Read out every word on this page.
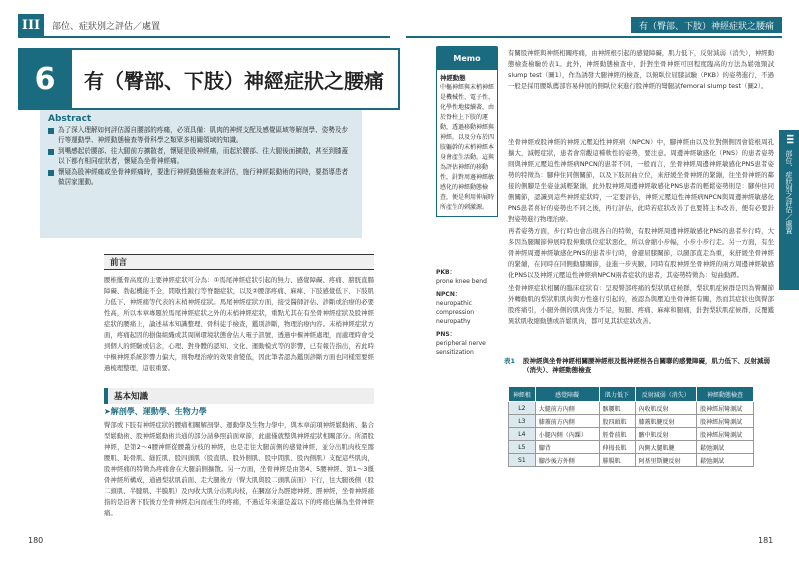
III	部位、症狀別之評估／處置
6	有（臀部、下肢）神經症狀之腰痛
Abstract
為了深入理解如何評估源自腰部的疼痛，必須具備：肌肉的神經支配及感覺區域等解剖學、姿勢及步行等運動學、神經動態檢查等骨科學之類眾多相關領域的知識。
到嘴感起於腰部、往大腿前方擴散者，懷疑是股神經痛，而起於腰部、往大腿後面擴散，甚至到膝蓋以下都有相同症狀者，懷疑為坐骨神經痛。
懷疑為股神經痛或坐骨神經痛時，要進行神經動態檢查來評估，施行神經鬆動術的同時，要指導患者做居家運動。
前言
腰椎骶骨高度的主要神經症狀可分為：①馬尾神經症狀引起的無力、感覺障礙、疼痛、膀胱直腸障礙、勃起機能不全，間歇性跛行等脊髓症狀，以及②腰部疼痛、麻痺、下肢感覺低下、下肢肌力低下、神經痛等代表的末梢神經症狀。馬尾神經症狀方面，接受醫師評估、診斷或治療的必要性高，所以本章專題於馬尾神經症狀之外的末梢神經症狀，重點尤其在有坐骨神經症狀及股神經症狀的腰痛上，論述基本知識整理、骨科徒手檢查，鑑別診斷，物理治療內容。末梢神經症狀方面，疼痛起因的損傷組織或其周圍環境狀態會佔人電子訊號，透過中樞神經處理，而處理時會受到個人的經驗或信念，心理、對身體的認知、文化、運動模式等的影響，已有報告指出，若此時中樞神經系統影響力偏大，則物理治療的效果會變低，因此筆者認為鑑別診斷方面也同樣需要經過梳理整理，這很重要。
基本知識
➤解剖學、運動學、生物力學
臀部或下肢有神經症狀的腰痛相關解剖學、運動學及生物力學中，與本章前項神經鬆動術、黏合型鬆動術、股神經鬆動術共通的部分請參照前面章節，此處僅就整與神經症狀相關部分。所謂股神經，是第2～4腰神經從腰叢分枝的神經，也是走往大腿前側的感覺神經，並分出肌肉枝至髂腰肌、恥骨肌、縫匠肌、股四頭肌（股直肌、股外側肌、股中間肌、股內側肌）支配這些肌肉，股神經痛的特徵為疼痛會在大腿前側擴散。另一方面，坐骨神經是由第4、5腰神經、第1～3骶骨神經所構成，通過梨狀肌前面、走大腿後方（臀大肌與股二頭肌前面）下行，往大腿後側（股二頭肌、半腱肌、半膜肌）及內收大肌分出肌肉枝，在膕窩分為脛總神經、脛神經，坐骨神經痛指的是沿著下肢後方坐骨神經走向而產生的疼痛，不過近年來還是蓋以下的疼痛也稱為坐骨神經痛。
180
Memo
神經動態
中樞神經與末梢神經是機械性、電子性、化學性地接續著，由於脊柱上下肢的運動，透過移動神經與神經，以及分布於四肢軀幹的末梢神經本身會產生活動，這與為評估神經的移動性，針對周邊神經敏感化的神經動態檢查，便是利用伸展時所產生的刺激源。
PKB：
prone knee bend
NPCN：
neuropathic compression neuropathy
PNS：
peripheral nerve sensitization
有（臀部、下肢）神經症狀之腰痛
有關股神經與神經相關疼痛，由神經根引起的感覺障礙，肌力低下，反射減弱（消失），神經動態檢查檢驗於表1。此外，神經動態檢查中，針對坐骨神經可回程度臨高的方法為鬆弛頸試slump test（圖1），作為誘發大腿神經的檢查，以俯臥位屈膝試驗（PKB）的姿勢進行，不過一般是採用腰臥薦部容易伸展的側臥位來進行股神經的彎腿試femoral slump test（圖2）。
坐骨神經或股神經的神經元壓迫性神經病（NPCN）中，腳神經由以及位對側側固會從根周孔擴大，減輕症狀，患者會常觀這種軟性的姿勢，要注意。周邊神經敏感化（PNS）的患者姿勢則與神經元壓迫性神經病NPCN的患者不同，一般而言，坐骨神經周邊神經敏感化PNS患者姿勢的特徵為：腳伸住同側關節，以及下肢屈曲立位，來舒緩坐骨神經的緊繃，往坐骨神經的鄰接的側腳是坐姿並減輕緊繃，此外股神經周邊神經敏感化PNS患者的輕鬆姿勢則是：腳伸住同側關節，認識到這些神經症狀時，一定要評估，神經元壓迫性神經病NPCN與周邊神經敏感化PNS患者喜好的姿勢也不同之後，再行評估，此時若症狀改善了也要將主本改善，便有必要針對姿勢進行物理治療。
再者姿勢方面，步行時也會出現各自的特徵，有股神經周邊神經敏感化PNS的患者步行時，大多因為腿關節伸展時股伸動肌位症狀惡化，所以會縮小步幅，小步小步行走。另一方面，有坐骨神經周邊神經敏感化PNS的患者步行時，會避屈膝關節，以腿部直走為重，來舒緩坐骨神經的緊繃，在同時在同側動膝關節，並進一步夾腋，同時有股神經坐骨神經的兩方周邊神經敏感化PNS以及神經元壓迫性神經病NPCN兩者症狀的患者，其姿勢特徵為：短曲動蹲。
坐骨神經症狀相關的臨床症狀有：呈現臀部疼痛的梨狀肌症候群，梨狀肌症候群是因為臀關節外轉動肌的梨狀肌肌肉與方性進行引起的，被認為與壓迫坐骨神經有關，然而其症狀也與臀部股疼痛引，小腿外側的肌肉張力不足，短腿、疼痛、麻痺和腿痛，針對梨狀肌症候群，反覆鑑異狀肌收縮動態或許鬆肌肉，都可見其狀症狀改善。
表1 股神經與坐骨神經相關腰神經根及骶神經根各自關聯的感覺障礙，肌力低下、反射減弱（消失）、神經動態檢查
神經根	感覺障礙	肌力低下	反射減弱（消失）	神經動態檢查
L2	大腿前方內側	髂腰肌	內收肌反射	股神經屈彎測試
L3	膝蓋前方內側	股四頭肌	膝蓋肌腱反射	股神經屈彎測試
L4	小腿內側（內踝）	脛骨前肌	髕中肌反射	股神經屈彎測試
L5	腳背	伸拇長肌	內側大腿肌腱	鬆弛測試
S1	腳沙後方外側	腓腸肌	阿基里斯腱反射	鬆弛測試
III
部位、症狀別之評估／處置
181
